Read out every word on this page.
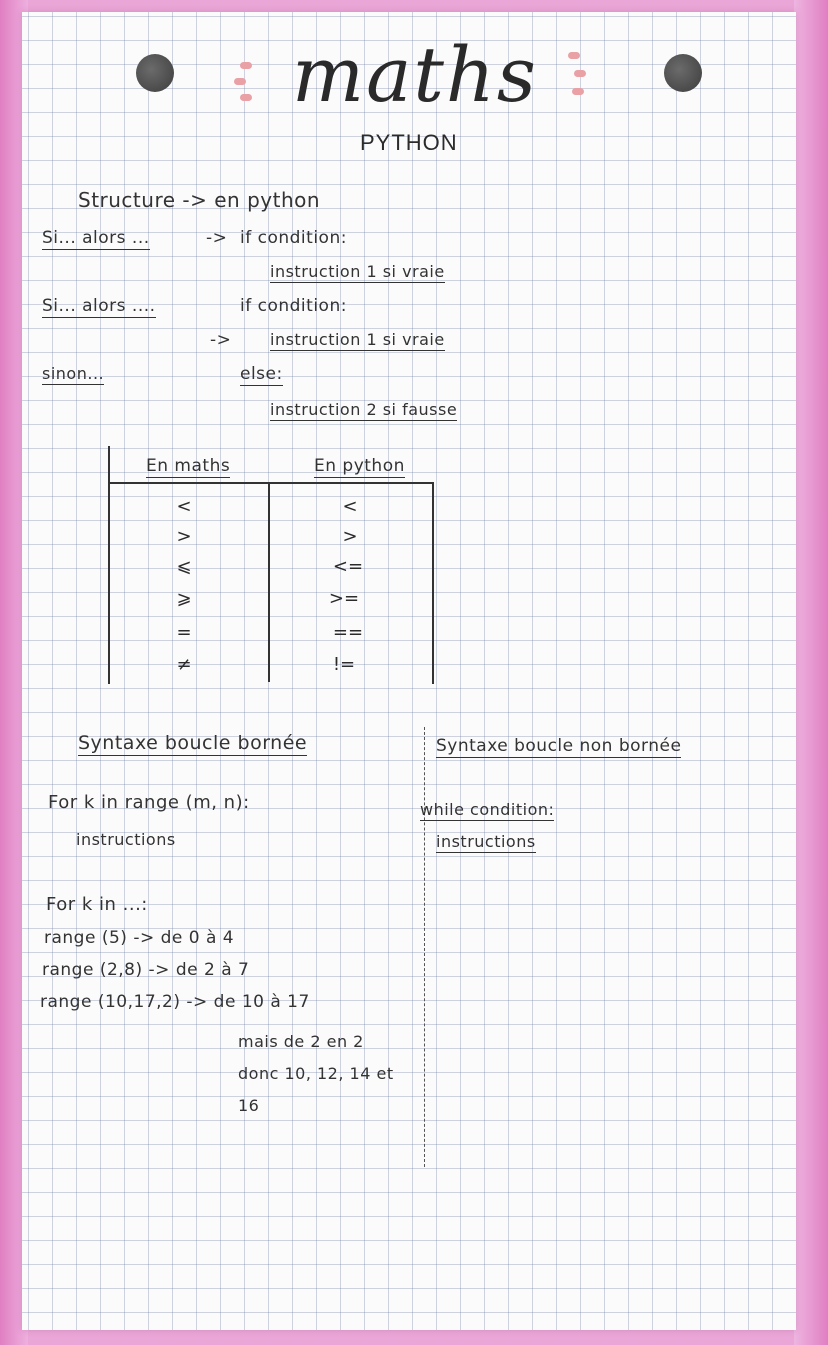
maths
PYTHON
Structure -> en python
Si... alors ...	-> if condition:
instruction 1 si vraie
Si... alors ....	if condition:
-> instruction 1 si vraie
sinon...	else:
instruction 2 si fausse
En maths	En python
<	<
>	>
⩽	<=
⩾	>=
=	==
≠	!=
Syntaxe boucle bornée
For k in range (m, n):
instructions
For k in ...:
range (5) -> de 0 à 4
range (2,8) -> de 2 à 7
range (10,17,2) -> de 10 à 17
mais de 2 en 2
donc 10, 12, 14 et
16
Syntaxe boucle non bornée
while condition:
instructions
